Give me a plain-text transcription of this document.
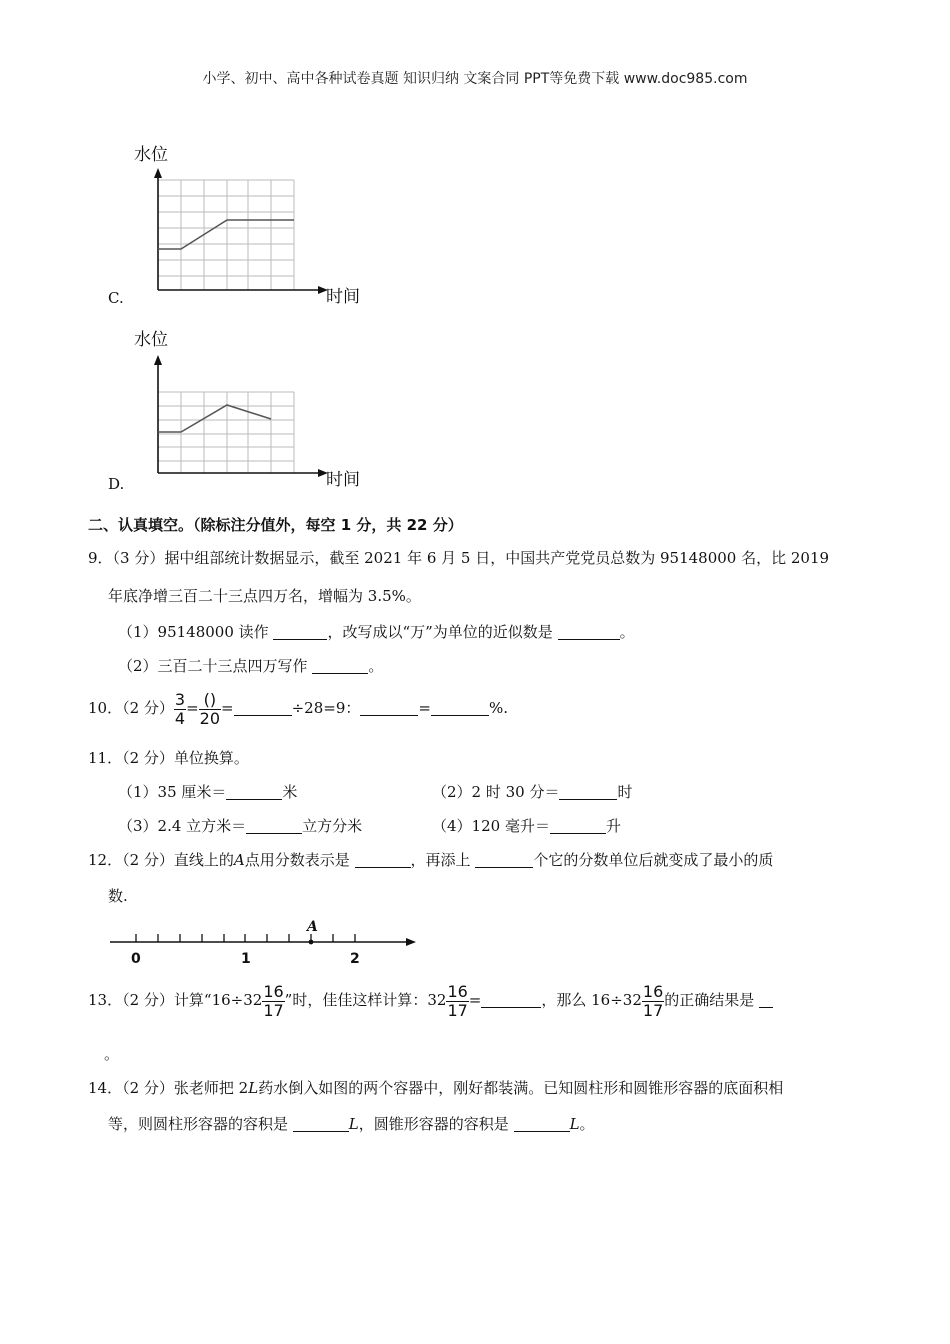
小学、初中、高中各种试卷真题 知识归纳 文案合同 PPT等免费下载 www.doc985.com
水位
时间
C.
水位
时间
D.
二、认真填空。（除标注分值外，每空 1 分，共 22 分）
9．（3 分）据中组部统计数据显示，截至 2021 年 6 月 5 日，中国共产党党员总数为 95148000 名，比 2019
年底净增三百二十三点四万名，增幅为 3.5%。
（1）95148000 读作	，改写成以“万”为单位的近似数是	。
（2）三百二十三点四万写作	。
10．（2 分） $\frac{3}{4} = \frac{()}{20}$ =	÷28=9：	=	%.
11．（2 分）单位换算。
（1）35 厘米＝	米	（2）2 时 30 分＝	时
（3）2.4 立方米＝	立方分米	（4）120 毫升＝	升
12．（2 分）直线上的A点用分数表示是	，再添上	个它的分数单位后就变成了最小的质
数.
A
0	1	2
13．（2 分）计算“$16\div 32 \frac{16}{17}$ ”时，佳佳这样计算：$32 \frac{16}{17}$ =	，那么 $16\div 32 \frac{16}{17}$ 的正确结果是
。
14．（2 分）张老师把 2L药水倒入如图的两个容器中，刚好都装满。已知圆柱形和圆锥形容器的底面积相
等，则圆柱形容器的容积是	L，圆锥形容器的容积是	L。
